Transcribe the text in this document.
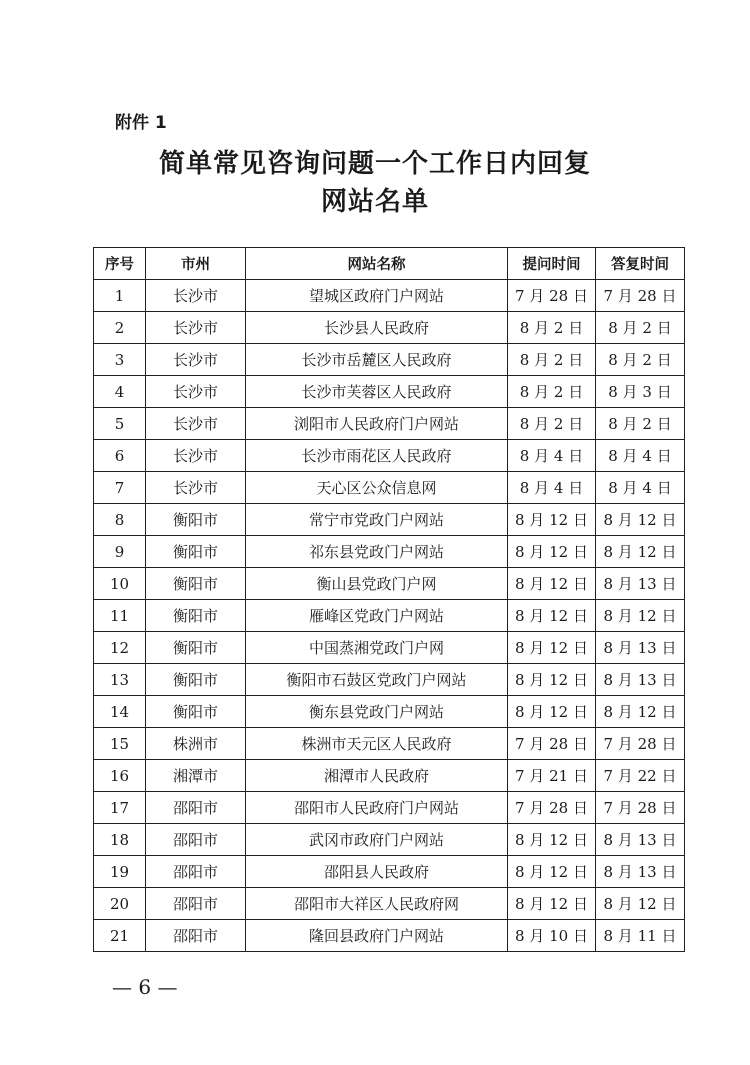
附件 1
简单常见咨询问题一个工作日内回复
网站名单
序号	市州	网站名称	提问时间	答复时间
1	长沙市	望城区政府门户网站	7 月 28 日	7 月 28 日
2	长沙市	长沙县人民政府	8 月 2 日	8 月 2 日
3	长沙市	长沙市岳麓区人民政府	8 月 2 日	8 月 2 日
4	长沙市	长沙市芙蓉区人民政府	8 月 2 日	8 月 3 日
5	长沙市	浏阳市人民政府门户网站	8 月 2 日	8 月 2 日
6	长沙市	长沙市雨花区人民政府	8 月 4 日	8 月 4 日
7	长沙市	天心区公众信息网	8 月 4 日	8 月 4 日
8	衡阳市	常宁市党政门户网站	8 月 12 日	8 月 12 日
9	衡阳市	祁东县党政门户网站	8 月 12 日	8 月 12 日
10	衡阳市	衡山县党政门户网	8 月 12 日	8 月 13 日
11	衡阳市	雁峰区党政门户网站	8 月 12 日	8 月 12 日
12	衡阳市	中国蒸湘党政门户网	8 月 12 日	8 月 13 日
13	衡阳市	衡阳市石鼓区党政门户网站	8 月 12 日	8 月 13 日
14	衡阳市	衡东县党政门户网站	8 月 12 日	8 月 12 日
15	株洲市	株洲市天元区人民政府	7 月 28 日	7 月 28 日
16	湘潭市	湘潭市人民政府	7 月 21 日	7 月 22 日
17	邵阳市	邵阳市人民政府门户网站	7 月 28 日	7 月 28 日
18	邵阳市	武冈市政府门户网站	8 月 12 日	8 月 13 日
19	邵阳市	邵阳县人民政府	8 月 12 日	8 月 13 日
20	邵阳市	邵阳市大祥区人民政府网	8 月 12 日	8 月 12 日
21	邵阳市	隆回县政府门户网站	8 月 10 日	8 月 11 日
— 6 —
